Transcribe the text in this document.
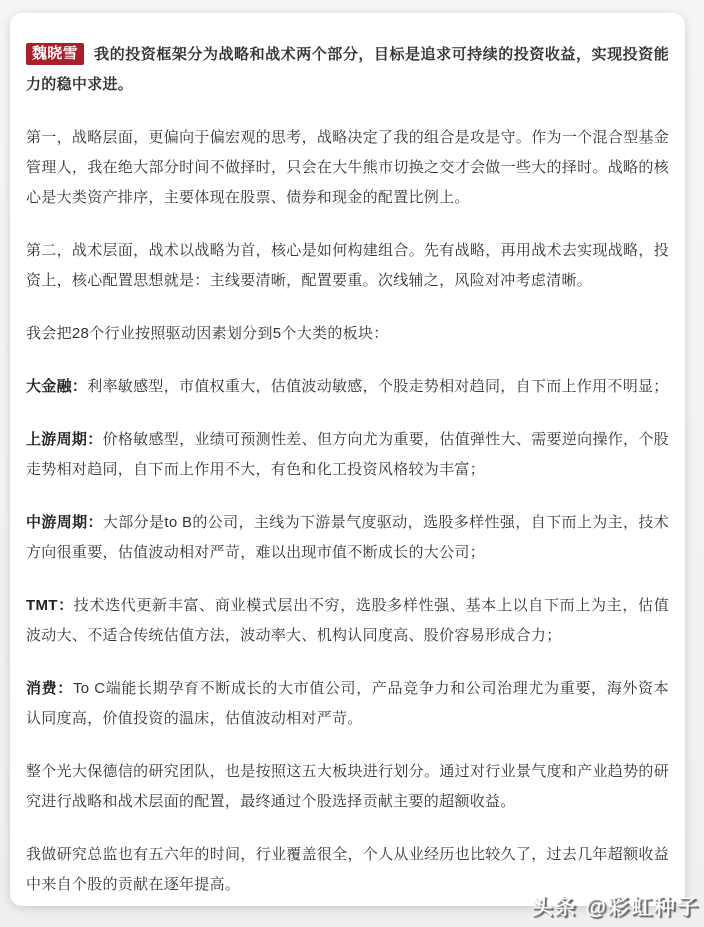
魏晓雪 我的投资框架分为战略和战术两个部分，目标是追求可持续的投资收益，实现投资能力的稳中求进。

第一，战略层面，更偏向于偏宏观的思考，战略决定了我的组合是攻是守。作为一个混合型基金管理人，我在绝大部分时间不做择时，只会在大牛熊市切换之交才会做一些大的择时。战略的核心是大类资产排序，主要体现在股票、债券和现金的配置比例上。

第二，战术层面，战术以战略为首，核心是如何构建组合。先有战略，再用战术去实现战略，投资上，核心配置思想就是：主线要清晰，配置要重。次线辅之，风险对冲考虑清晰。

我会把28个行业按照驱动因素划分到5个大类的板块：

大金融：利率敏感型，市值权重大，估值波动敏感，个股走势相对趋同，自下而上作用不明显；

上游周期：价格敏感型，业绩可预测性差、但方向尤为重要，估值弹性大、需要逆向操作，个股走势相对趋同，自下而上作用不大，有色和化工投资风格较为丰富；

中游周期：大部分是to B的公司，主线为下游景气度驱动，选股多样性强，自下而上为主，技术方向很重要，估值波动相对严苛，难以出现市值不断成长的大公司；

TMT：技术迭代更新丰富、商业模式层出不穷，选股多样性强、基本上以自下而上为主，估值波动大、不适合传统估值方法，波动率大、机构认同度高、股价容易形成合力；

消费：To C端能长期孕育不断成长的大市值公司，产品竞争力和公司治理尤为重要，海外资本认同度高，价值投资的温床，估值波动相对严苛。

整个光大保德信的研究团队，也是按照这五大板块进行划分。通过对行业景气度和产业趋势的研究进行战略和战术层面的配置，最终通过个股选择贡献主要的超额收益。

我做研究总监也有五六年的时间，行业覆盖很全，个人从业经历也比较久了，过去几年超额收益中来自个股的贡献在逐年提高。

头条 @彩虹种子
